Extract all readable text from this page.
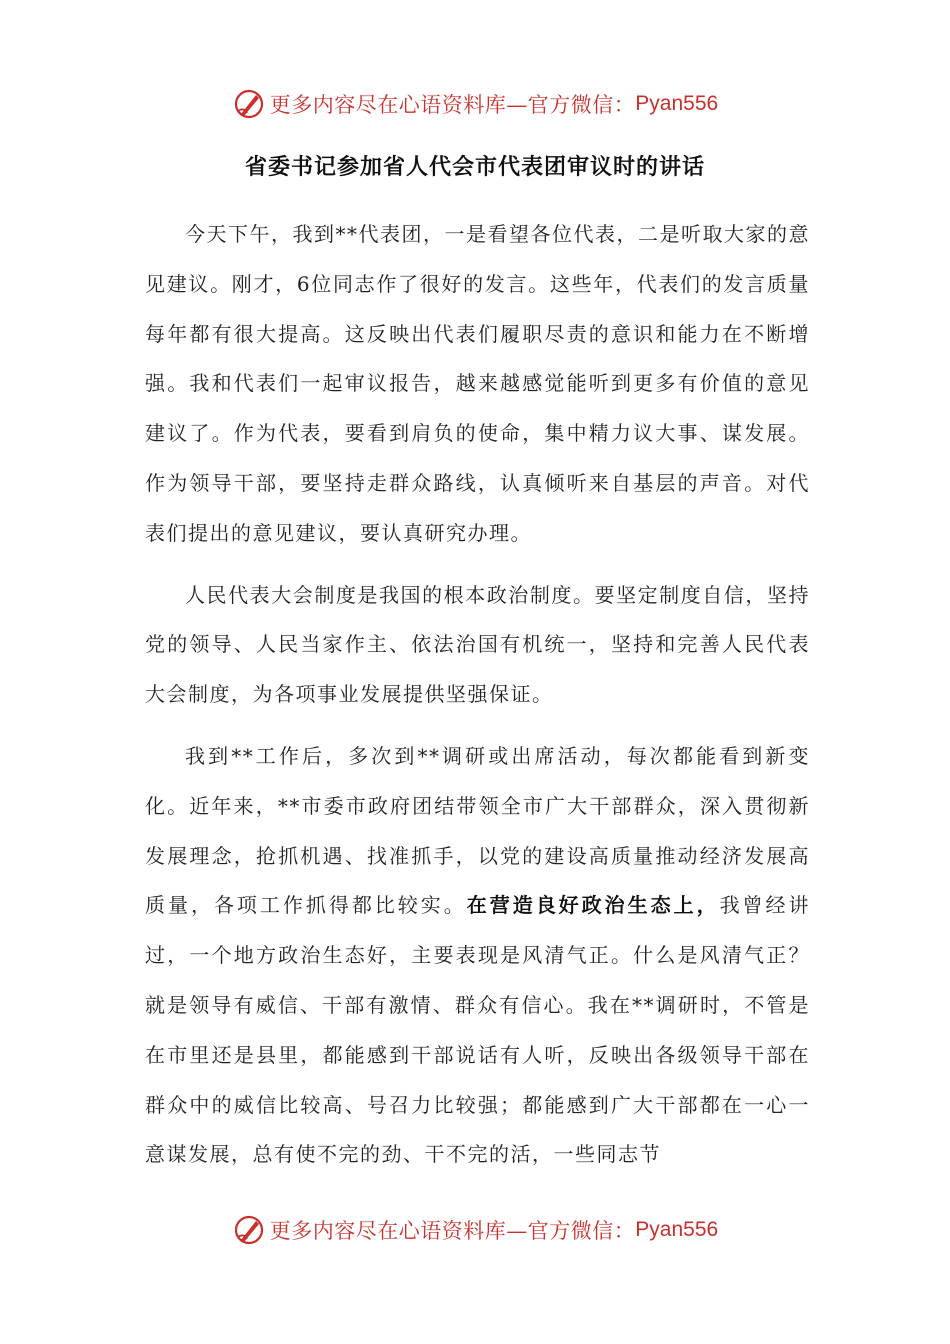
更多内容尽在心语资料库—官方微信： Pyan556
省委书记参加省人代会市代表团审议时的讲话

今天下午，我到**代表团，一是看望各位代表，二是听取大家的意见建议。刚才，6位同志作了很好的发言。这些年，代表们的发言质量每年都有很大提高。这反映出代表们履职尽责的意识和能力在不断增强。我和代表们一起审议报告，越来越感觉能听到更多有价值的意见建议了。作为代表，要看到肩负的使命，集中精力议大事、谋发展。作为领导干部，要坚持走群众路线，认真倾听来自基层的声音。对代表们提出的意见建议，要认真研究办理。

人民代表大会制度是我国的根本政治制度。要坚定制度自信，坚持党的领导、人民当家作主、依法治国有机统一，坚持和完善人民代表大会制度，为各项事业发展提供坚强保证。

我到**工作后，多次到**调研或出席活动，每次都能看到新变化。近年来，**市委市政府团结带领全市广大干部群众，深入贯彻新发展理念，抢抓机遇、找准抓手，以党的建设高质量推动经济发展高质量，各项工作抓得都比较实。在营造良好政治生态上，我曾经讲过，一个地方政治生态好，主要表现是风清气正。什么是风清气正？就是领导有威信、干部有激情、群众有信心。我在**调研时，不管是在市里还是县里，都能感到干部说话有人听，反映出各级领导干部在群众中的威信比较高、号召力比较强；都能感到广大干部都在一心一意谋发展，总有使不完的劲、干不完的活，一些同志节

更多内容尽在心语资料库—官方微信： Pyan556
